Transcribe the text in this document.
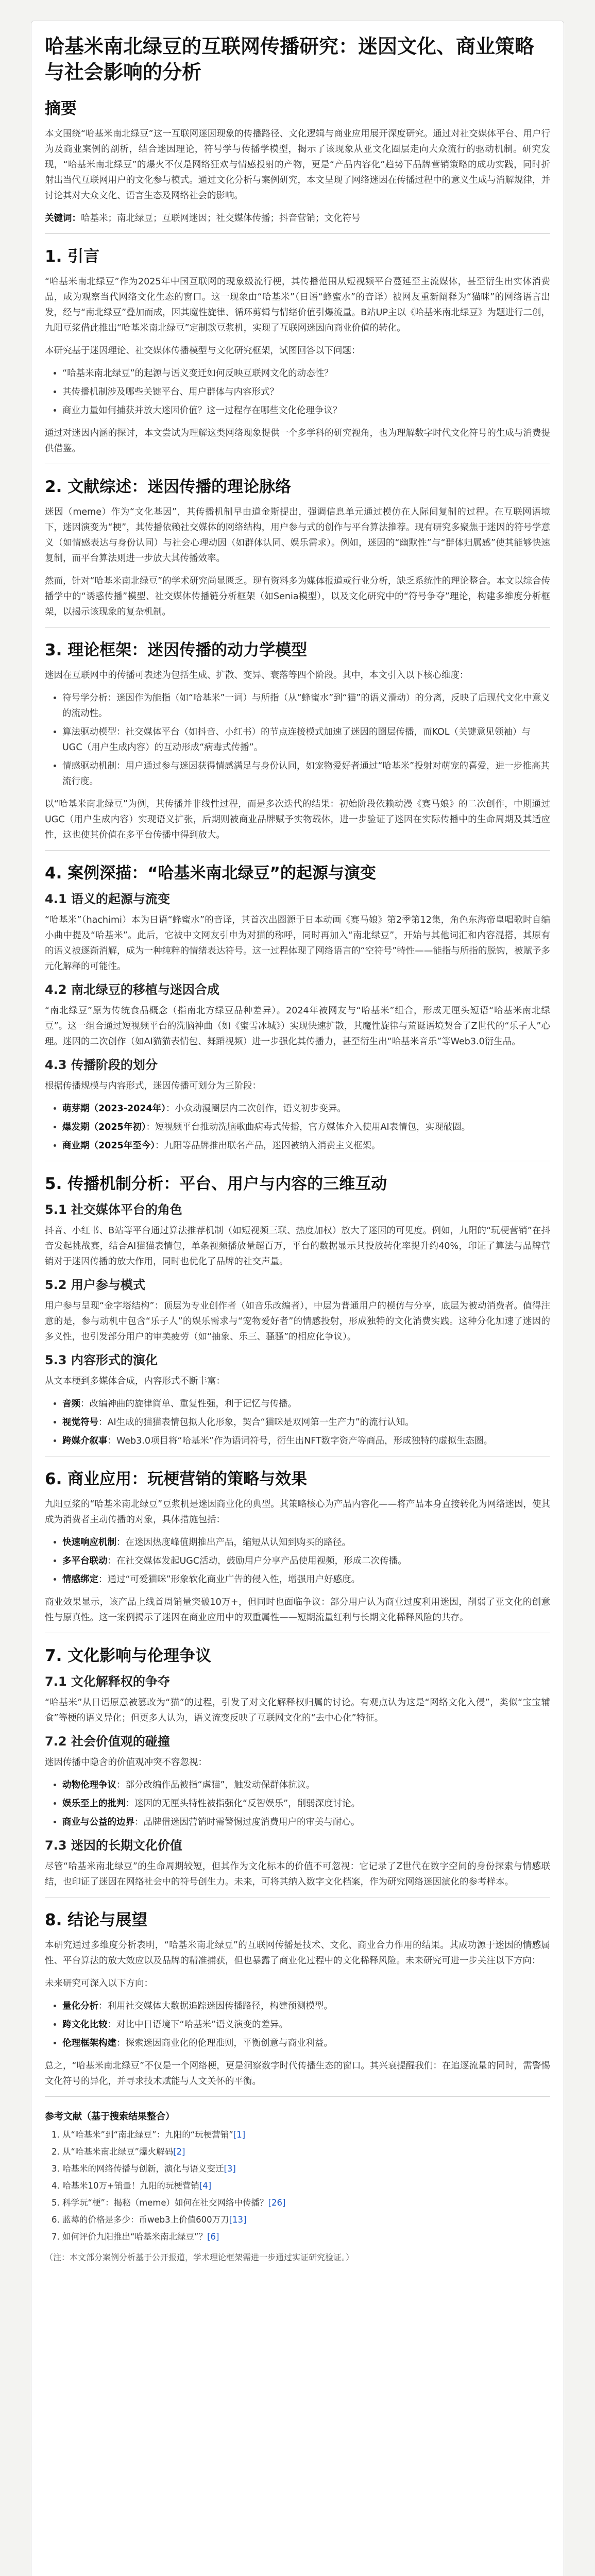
哈基米南北绿豆的互联网传播研究：迷因文化、商业策略与社会影响的分析
摘要

本文围绕“哈基米南北绿豆”这一互联网迷因现象的传播路径、文化逻辑与商业应用展开深度研究。通过对社交媒体平台、用户行为及商业案例的剖析，结合迷因理论，符号学与传播学模型，揭示了该现象从亚文化圈层走向大众流行的驱动机制。研究发现，“哈基米南北绿豆”的爆火不仅是网络狂欢与情感投射的产物，更是“产品内容化”趋势下品牌营销策略的成功实践，同时折射出当代互联网用户的文化参与模式。通过文化分析与案例研究，本文呈现了网络迷因在传播过程中的意义生成与消解规律，并讨论其对大众文化、语言生态及网络社会的影响。

关键词：哈基米；南北绿豆；互联网迷因；社交媒体传播；抖音营销；文化符号
1. 引言

“哈基米南北绿豆”作为2025年中国互联网的现象级流行梗，其传播范围从短视频平台蔓延至主流媒体，甚至衍生出实体消费品，成为观察当代网络文化生态的窗口。这一现象由“哈基米”（日语“蜂蜜水”的音译）被网友重新阐释为“猫咪”的网络语言出发，经与“南北绿豆”叠加而成，因其魔性旋律、循环剪辑与情绪价值引爆流量。B站UP主以《哈基米南北绿豆》为题进行二创，九阳豆浆借此推出“哈基米南北绿豆”定制款豆浆机，实现了互联网迷因向商业价值的转化。

本研究基于迷因理论、社交媒体传播模型与文化研究框架，试图回答以下问题：

• “哈基米南北绿豆”的起源与语义变迁如何反映互联网文化的动态性？
• 其传播机制涉及哪些关键平台、用户群体与内容形式？
• 商业力量如何捕获并放大迷因价值？这一过程存在哪些文化伦理争议？

通过对迷因内涵的探讨，本文尝试为理解这类网络现象提供一个多学科的研究视角，也为理解数字时代文化符号的生成与消费提供借鉴。

2. 文献综述：迷因传播的理论脉络

迷因（meme）作为“文化基因”，其传播机制早由道金斯提出，强调信息单元通过模仿在人际间复制的过程。在互联网语境下，迷因演变为“梗”，其传播依赖社交媒体的网络结构，用户参与式的创作与平台算法推荐。现有研究多聚焦于迷因的符号学意义（如情感表达与身份认同）与社会心理动因（如群体认同、娱乐需求）。例如，迷因的“幽默性”与“群体归属感”使其能够快速复制，而平台算法则进一步放大其传播效率。

然而，针对“哈基米南北绿豆”的学术研究尚显匮乏。现有资料多为媒体报道或行业分析，缺乏系统性的理论整合。本文以综合传播学中的“诱惑传播”模型、社交媒体传播链分析框架（如Senia模型），以及文化研究中的“符号争夺”理论，构建多维度分析框架，以揭示该现象的复杂机制。

3. 理论框架：迷因传播的动力学模型

迷因在互联网中的传播可表述为包括生成、扩散、变异、衰落等四个阶段。其中，本文引入以下核心维度：

• 符号学分析：迷因作为能指（如“哈基米”一词）与所指（从“蜂蜜水”到“猫”的语义滑动）的分离，反映了后现代文化中意义的流动性。
• 算法驱动模型：社交媒体平台（如抖音、小红书）的节点连接模式加速了迷因的圈层传播，而KOL（关键意见领袖）与UGC（用户生成内容）的互动形成“病毒式传播”。
• 情感驱动机制：用户通过参与迷因获得情感满足与身份认同，如宠物爱好者通过“哈基米”投射对萌宠的喜爱，进一步推高其流行度。

以“哈基米南北绿豆”为例，其传播并非线性过程，而是多次迭代的结果：初始阶段依赖动漫《赛马娘》的二次创作，中期通过UGC（用户生成内容）实现语义扩张，后期则被商业品牌赋予实物载体，进一步验证了迷因在实际传播中的生命周期及其适应性，这也使其价值在多平台传播中得到放大。

4. 案例深描：“哈基米南北绿豆”的起源与演变
4.1 语义的起源与流变

“哈基米”（hachimi）本为日语“蜂蜜水”的音译，其首次出圈源于日本动画《赛马娘》第2季第12集，角色东海帝皇唱歌时自编小曲中提及“哈基米”。此后，它被中文网友引申为对猫的称呼，同时再加入“南北绿豆”，开始与其他词汇和内容混搭，其原有的语义被逐渐消解，成为一种纯粹的情绪表达符号。这一过程体现了网络语言的“空符号”特性——能指与所指的脱钩，被赋予多元化解释的可能性。

4.2 南北绿豆的移植与迷因合成

“南北绿豆”原为传统食品概念（指南北方绿豆品种差异）。2024年被网友与“哈基米”组合，形成无厘头短语“哈基米南北绿豆”。这一组合通过短视频平台的洗脑神曲（如《蜜雪冰城》）实现快速扩散，其魔性旋律与荒诞语境契合了Z世代的“乐子人”心理。迷因的二次创作（如AI猫猫表情包、舞蹈视频）进一步强化其传播力，甚至衍生出“哈基米音乐”等Web3.0衍生品。

4.3 传播阶段的划分

根据传播规模与内容形式，迷因传播可划分为三阶段：

• 萌芽期（2023-2024年）：小众动漫圈层内二次创作，语义初步变异。
• 爆发期（2025年初）：短视频平台推动洗脑歌曲病毒式传播，官方媒体介入使用AI表情包，实现破圈。
• 商业期（2025年至今）：九阳等品牌推出联名产品，迷因被纳入消费主义框架。
5. 传播机制分析：平台、用户与内容的三维互动
5.1 社交媒体平台的角色

抖音、小红书、B站等平台通过算法推荐机制（如短视频三联、热度加权）放大了迷因的可见度。例如，九阳的“玩梗营销”在抖音发起挑战赛，结合AI猫猫表情包，单条视频播放量超百万，平台的数据显示其投放转化率提升约40%，印证了算法与品牌营销对于迷因传播的放大作用，同时也优化了品牌的社交声量。

5.2 用户参与模式

用户参与呈现“金字塔结构”：顶层为专业创作者（如音乐改编者），中层为普通用户的模仿与分享，底层为被动消费者。值得注意的是，参与动机中包含“乐子人”的娱乐需求与“宠物爱好者”的情感投射，形成独特的文化消费实践。这种分化加速了迷因的多义性，也引发部分用户的审美疲劳（如“抽象、乐三、骚骚”的相应化争议）。

5.3 内容形式的演化

从文本梗到多媒体合成，内容形式不断丰富：

• 音频：改编神曲的旋律简单、重复性强，利于记忆与传播。
• 视觉符号：AI生成的猫猫表情包拟人化形象，契合“猫咪是双网第一生产力”的流行认知。
• 跨媒介叙事：Web3.0项目将“哈基米”作为语词符号，衍生出NFT数字资产等商品，形成独特的虚拟生态圈。
6. 商业应用：玩梗营销的策略与效果

九阳豆浆的“哈基米南北绿豆”豆浆机是迷因商业化的典型。其策略核心为产品内容化——将产品本身直接转化为网络迷因，使其成为消费者主动传播的对象，具体措施包括：

• 快速响应机制：在迷因热度峰值期推出产品，缩短从认知到购买的路径。
• 多平台联动：在社交媒体发起UGC活动，鼓励用户分享产品使用视频，形成二次传播。
• 情感绑定：通过“可爱猫咪”形象软化商业广告的侵入性，增强用户好感度。

商业效果显示，该产品上线首周销量突破10万+，但同时也面临争议：部分用户认为商业过度利用迷因，削弱了亚文化的创意性与原真性。这一案例揭示了迷因在商业应用中的双重属性——短期流量红利与长期文化稀释风险的共存。

7. 文化影响与伦理争议
7.1 文化解释权的争夺

“哈基米”从日语原意被篡改为“猫”的过程，引发了对文化解释权归属的讨论。有观点认为这是“网络文化入侵”，类似“宝宝辅食”等梗的语义异化；但更多人认为，语义流变反映了互联网文化的“去中心化”特征。

7.2 社会价值观的碰撞

迷因传播中隐含的价值观冲突不容忽视：

• 动物伦理争议：部分改编作品被指“虐猫”，触发动保群体抗议。
• 娱乐至上的批判：迷因的无厘头特性被指强化“反智娱乐”，削弱深度讨论。
• 商业与公益的边界：品牌借迷因营销时需警惕过度消费用户的审美与耐心。
7.3 迷因的长期文化价值

尽管“哈基米南北绿豆”的生命周期较短，但其作为文化标本的价值不可忽视：它记录了Z世代在数字空间的身份探索与情感联结，也印证了迷因在网络社会中的符号创生力。未来，可将其纳入数字文化档案，作为研究网络迷因演化的参考样本。

8. 结论与展望

本研究通过多维度分析表明，“哈基米南北绿豆”的互联网传播是技术、文化、商业合力作用的结果。其成功源于迷因的情感属性、平台算法的放大效应以及品牌的精准捕获，但也暴露了商业化过程中的文化稀释风险。未来研究可进一步关注以下方向：

未来研究可深入以下方向：

• 量化分析：利用社交媒体大数据追踪迷因传播路径，构建预测模型。
• 跨文化比较：对比中日语境下“哈基米”语义演变的差异。
• 伦理框架构建：探索迷因商业化的伦理准则，平衡创意与商业利益。

总之，“哈基米南北绿豆”不仅是一个网络梗，更是洞察数字时代传播生态的窗口。其兴衰提醒我们：在追逐流量的同时，需警惕文化符号的异化，并寻求技术赋能与人文关怀的平衡。

参考文献（基于搜索结果整合）
1. 从“哈基米”到“南北绿豆”：九阳的“玩梗营销”[1]
2. 从“哈基米南北绿豆”爆火解码[2]
3. 哈基米的网络传播与创新，演化与语义变迁[3]
4. 哈基米10万+销量！九阳的玩梗营销[4]
5. 科学玩“梗”：揭秘（meme）如何在社交网络中传播？[26]
6. 蓝莓的价格是多少：币web3上价值600万刀[13]
7. 如何评价九阳推出“哈基米南北绿豆”？[6]
（注：本文部分案例分析基于公开报道，学术理论框架需进一步通过实证研究验证。）
